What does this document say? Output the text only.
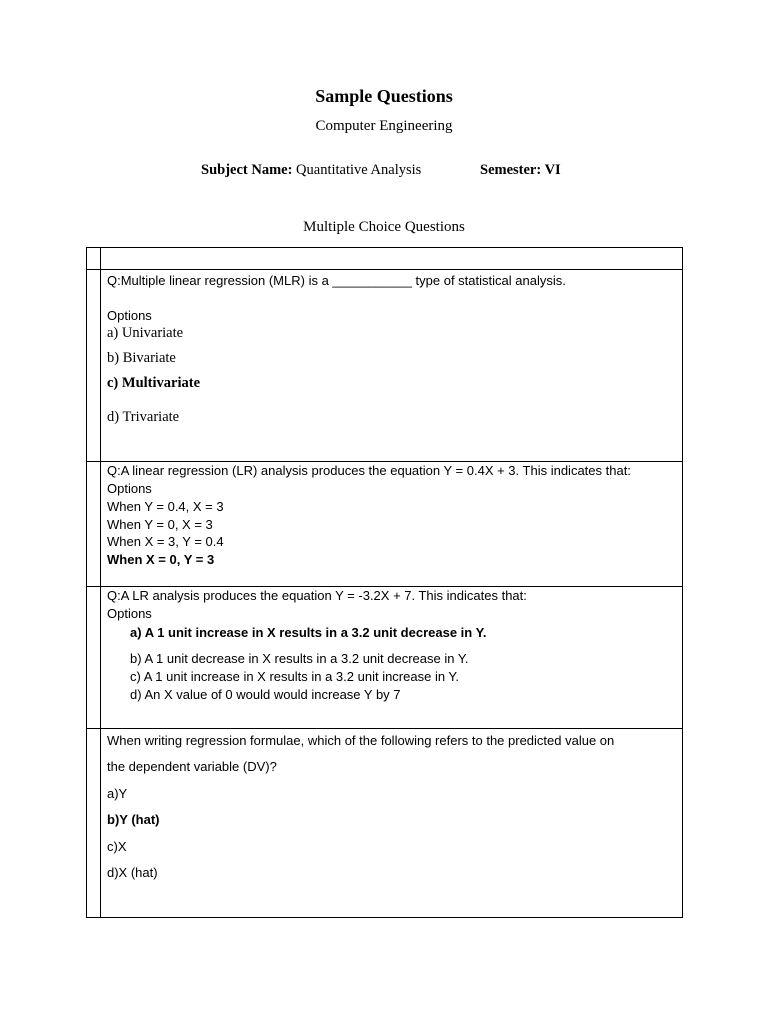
Sample Questions
Computer Engineering
Subject Name: Quantitative Analysis	Semester: VI
Multiple Choice Questions
Q:Multiple linear regression (MLR) is a ___________ type of statistical analysis.
Options
a) Univariate
b) Bivariate
c) Multivariate
d) Trivariate
Q:A linear regression (LR) analysis produces the equation Y = 0.4X + 3. This indicates that:
Options
When Y = 0.4, X = 3
When Y = 0, X = 3
When X = 3, Y = 0.4
When X = 0, Y = 3
Q:A LR analysis produces the equation Y = -3.2X + 7. This indicates that:
Options
a) A 1 unit increase in X results in a 3.2 unit decrease in Y.
b) A 1 unit decrease in X results in a 3.2 unit decrease in Y.
c) A 1 unit increase in X results in a 3.2 unit increase in Y.
d) An X value of 0 would would increase Y by 7
When writing regression formulae, which of the following refers to the predicted value on
the dependent variable (DV)?
a)Y
b)Y (hat)
c)X
d)X (hat)
